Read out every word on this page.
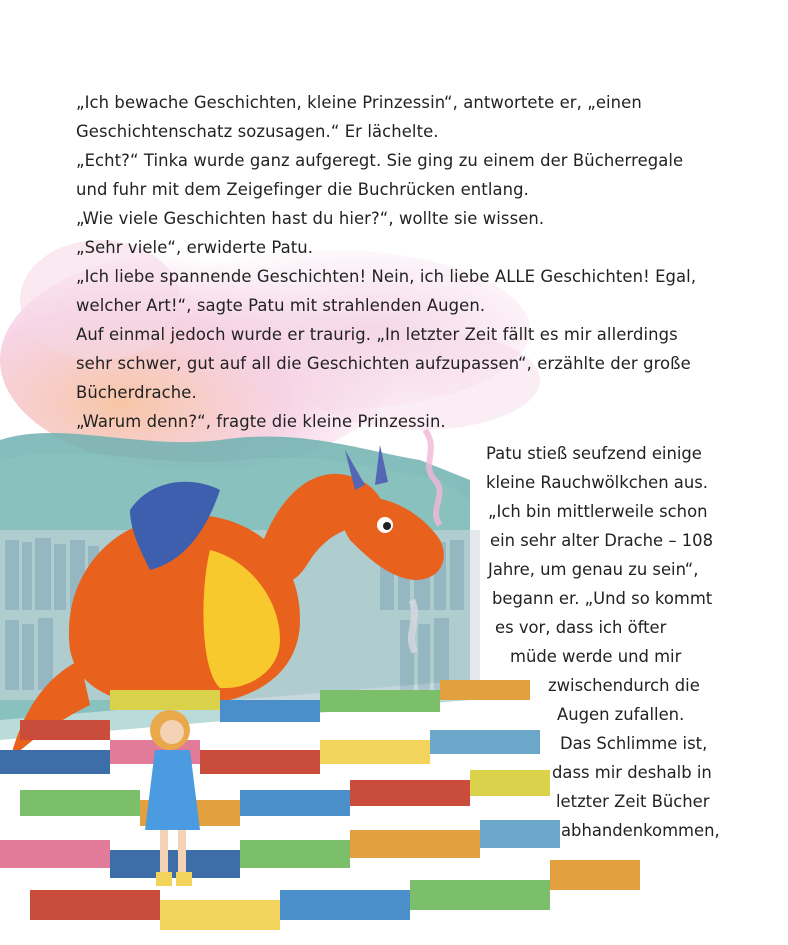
„Ich bewache Geschichten, kleine Prinzessin“, antwortete er, „einen
Geschichtenschatz sozusagen.“ Er lächelte.
„Echt?“ Tinka wurde ganz aufgeregt. Sie ging zu einem der Bücherregale
und fuhr mit dem Zeigefinger die Buchrücken entlang.
„Wie viele Geschichten hast du hier?“, wollte sie wissen.
„Sehr viele“, erwiderte Patu.
„Ich liebe spannende Geschichten! Nein, ich liebe ALLE Geschichten! Egal,
welcher Art!“, sagte Patu mit strahlenden Augen.
Auf einmal jedoch wurde er traurig. „In letzter Zeit fällt es mir allerdings
sehr schwer, gut auf all die Geschichten aufzupassen“, erzählte der große
Bücherdrache.
„Warum denn?“, fragte die kleine Prinzessin.
Patu stieß seufzend einige
kleine Rauchwölkchen aus.
„Ich bin mittlerweile schon
ein sehr alter Drache – 108
Jahre, um genau zu sein“,
begann er. „Und so kommt
es vor, dass ich öfter
müde werde und mir
zwischendurch die
Augen zufallen.
Das Schlimme ist,
dass mir deshalb in
letzter Zeit Bücher
abhandenkommen,
